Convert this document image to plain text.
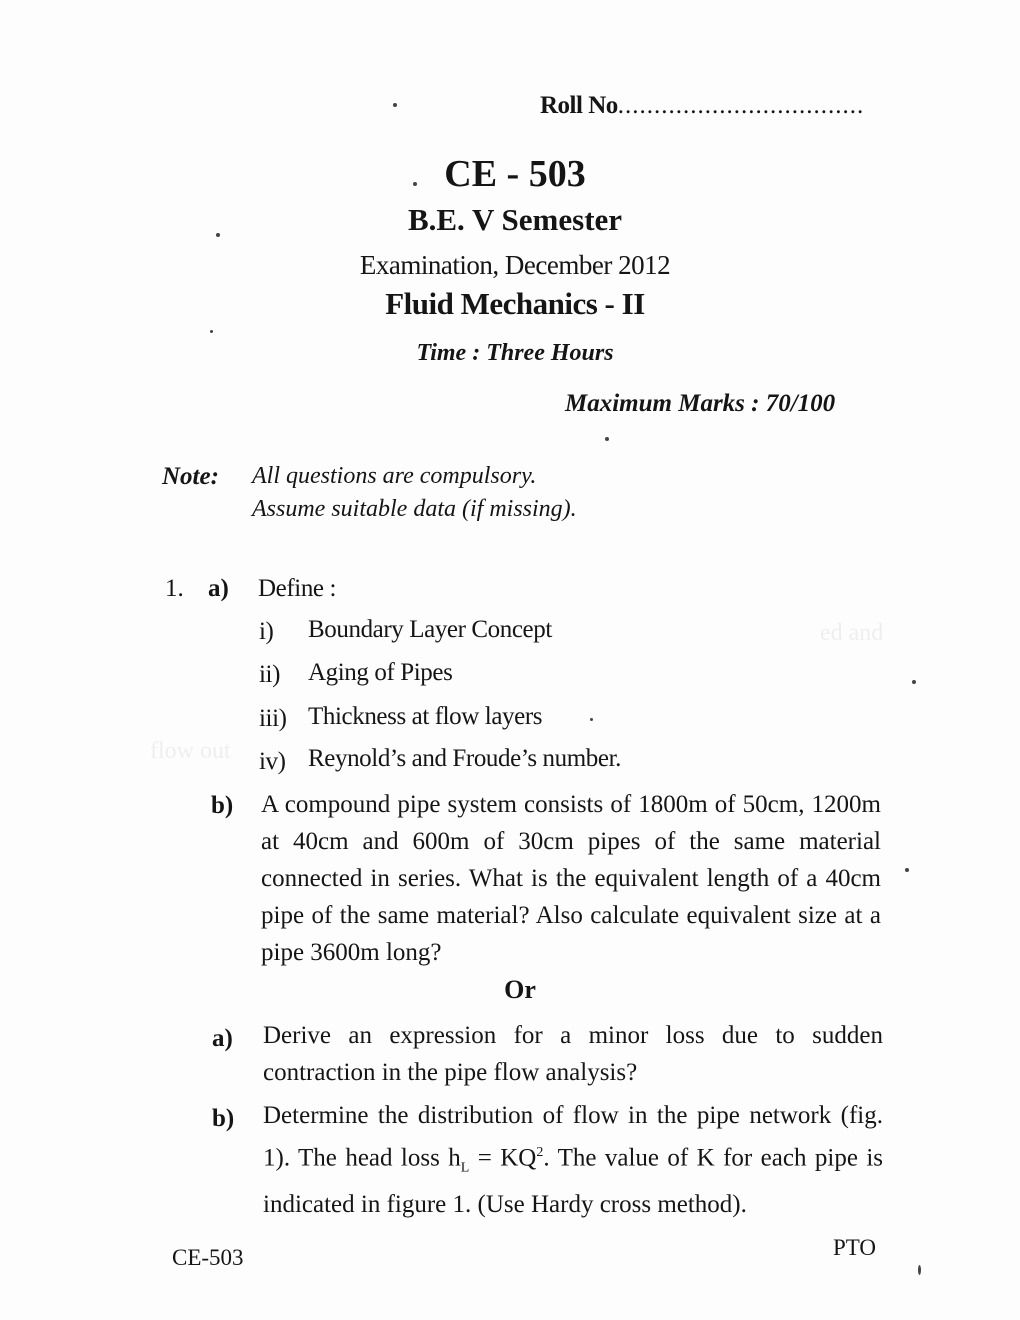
ed and
flow out
Roll No..................................
CE - 503
B.E. V Semester
Examination, December 2012
Fluid Mechanics - II
Time : Three Hours
Maximum Marks : 70/100
Note: All questions are compulsory.
Assume suitable data (if missing).
1. a) Define :
i) Boundary Layer Concept
ii) Aging of Pipes
iii) Thickness at flow layers
iv) Reynold’s and Froude’s number.
b) A compound pipe system consists of 1800m of 50cm, 1200m at 40cm and 600m of 30cm pipes of the same material connected in series. What is the equivalent length of a 40cm pipe of the same material? Also calculate equivalent size at a pipe 3600m long?
Or
a) Derive an expression for a minor loss due to sudden contraction in the pipe flow analysis?
b) Determine the distribution of flow in the pipe network (fig. 1). The head loss $h_L = KQ^2$. The value of K for each pipe is indicated in figure 1. (Use Hardy cross method).
CE-503	PTO
